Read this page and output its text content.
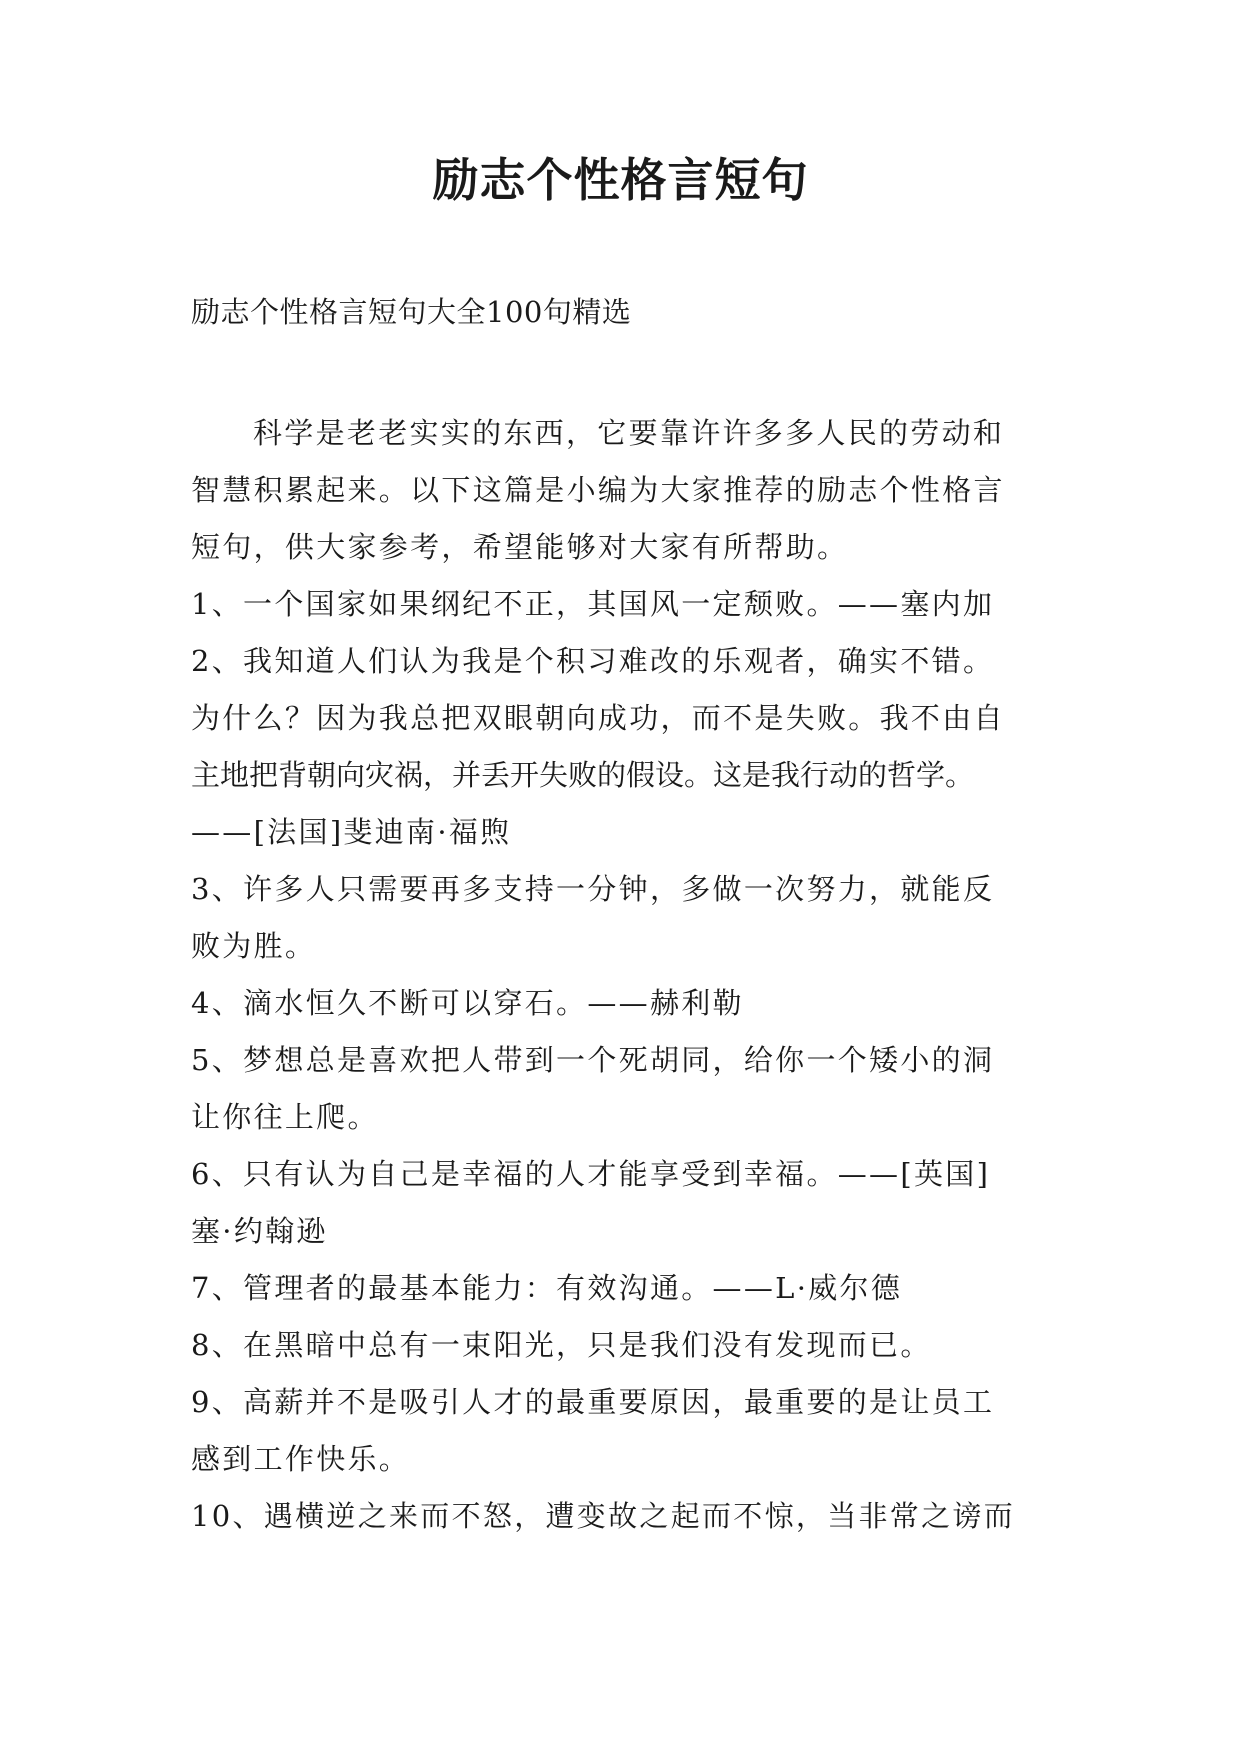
励志个性格言短句

励志个性格言短句大全100句精选

科学是老老实实的东西，它要靠许许多多人民的劳动和
智慧积累起来。以下这篇是小编为大家推荐的励志个性格言
短句，供大家参考，希望能够对大家有所帮助。
1、一个国家如果纲纪不正，其国风一定颓败。——塞内加
2、我知道人们认为我是个积习难改的乐观者，确实不错。
为什么？因为我总把双眼朝向成功，而不是失败。我不由自
主地把背朝向灾祸，并丢开失败的假设。这是我行动的哲学。
——[法国]斐迪南·福煦
3、许多人只需要再多支持一分钟，多做一次努力，就能反
败为胜。
4、滴水恒久不断可以穿石。——赫利勒
5、梦想总是喜欢把人带到一个死胡同，给你一个矮小的洞
让你往上爬。
6、只有认为自己是幸福的人才能享受到幸福。——[英国]
塞·约翰逊
7、管理者的最基本能力：有效沟通。——L·威尔德
8、在黑暗中总有一束阳光，只是我们没有发现而已。
9、高薪并不是吸引人才的最重要原因，最重要的是让员工
感到工作快乐。
10、遇横逆之来而不怒，遭变故之起而不惊，当非常之谤而
